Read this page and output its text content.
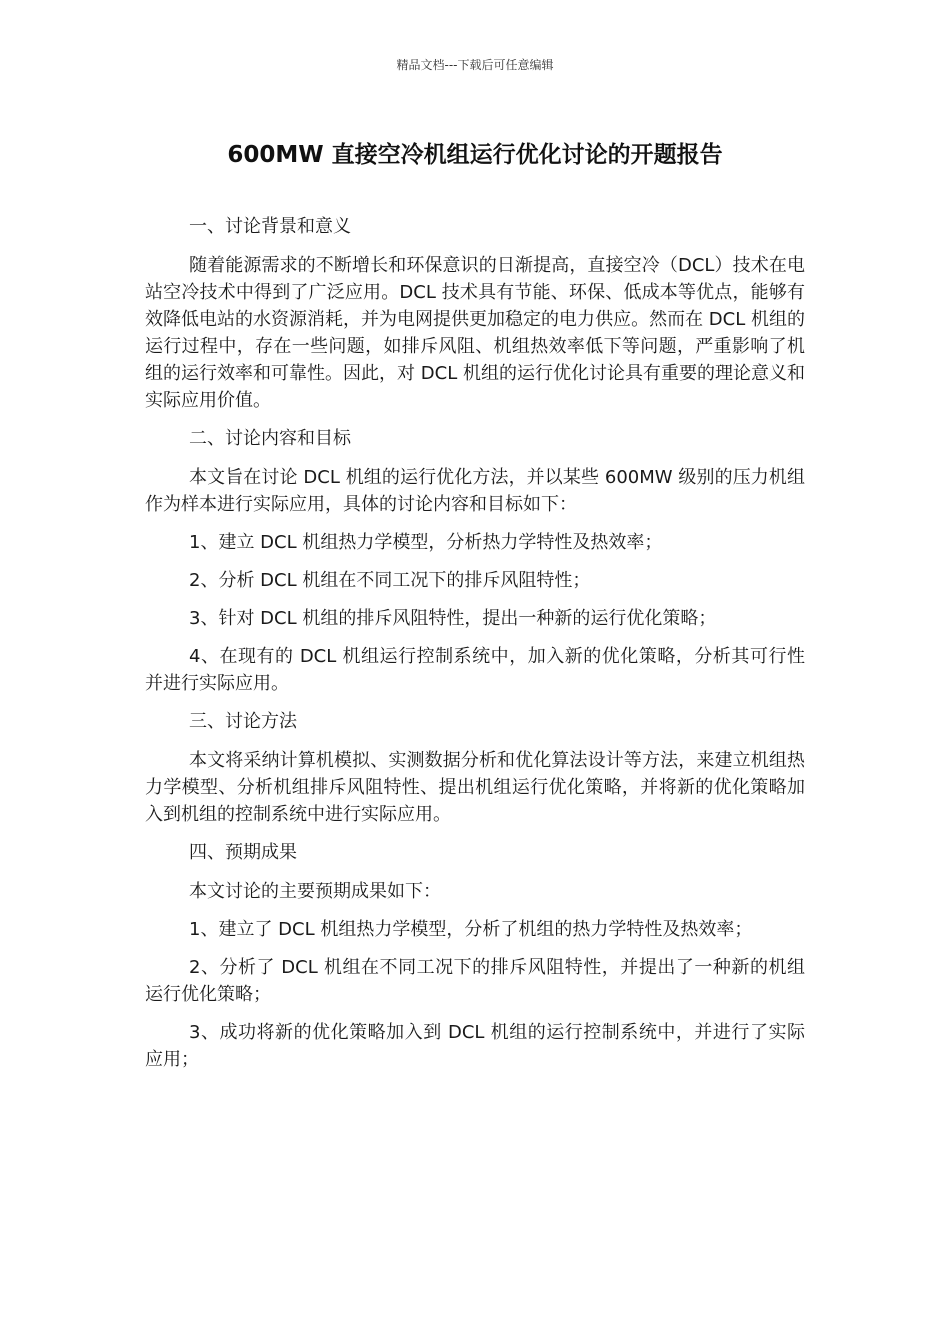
精品文档---下载后可任意编辑
600MW 直接空冷机组运行优化讨论的开题报告

一、讨论背景和意义

随着能源需求的不断增长和环保意识的日渐提高，直接空冷（DCL）技术在电站空冷技术中得到了广泛应用。DCL 技术具有节能、环保、低成本等优点，能够有效降低电站的水资源消耗，并为电网提供更加稳定的电力供应。然而在 DCL 机组的运行过程中，存在一些问题，如排斥风阻、机组热效率低下等问题，严重影响了机组的运行效率和可靠性。因此，对 DCL 机组的运行优化讨论具有重要的理论意义和实际应用价值。

二、讨论内容和目标

本文旨在讨论 DCL 机组的运行优化方法，并以某些 600MW 级别的压力机组作为样本进行实际应用，具体的讨论内容和目标如下：

1、建立 DCL 机组热力学模型，分析热力学特性及热效率；

2、分析 DCL 机组在不同工况下的排斥风阻特性；

3、针对 DCL 机组的排斥风阻特性，提出一种新的运行优化策略；

4、在现有的 DCL 机组运行控制系统中，加入新的优化策略，分析其可行性并进行实际应用。

三、讨论方法

本文将采纳计算机模拟、实测数据分析和优化算法设计等方法，来建立机组热力学模型、分析机组排斥风阻特性、提出机组运行优化策略，并将新的优化策略加入到机组的控制系统中进行实际应用。

四、预期成果

本文讨论的主要预期成果如下：

1、建立了 DCL 机组热力学模型，分析了机组的热力学特性及热效率；

2、分析了 DCL 机组在不同工况下的排斥风阻特性，并提出了一种新的机组运行优化策略；

3、成功将新的优化策略加入到 DCL 机组的运行控制系统中，并进行了实际应用；
